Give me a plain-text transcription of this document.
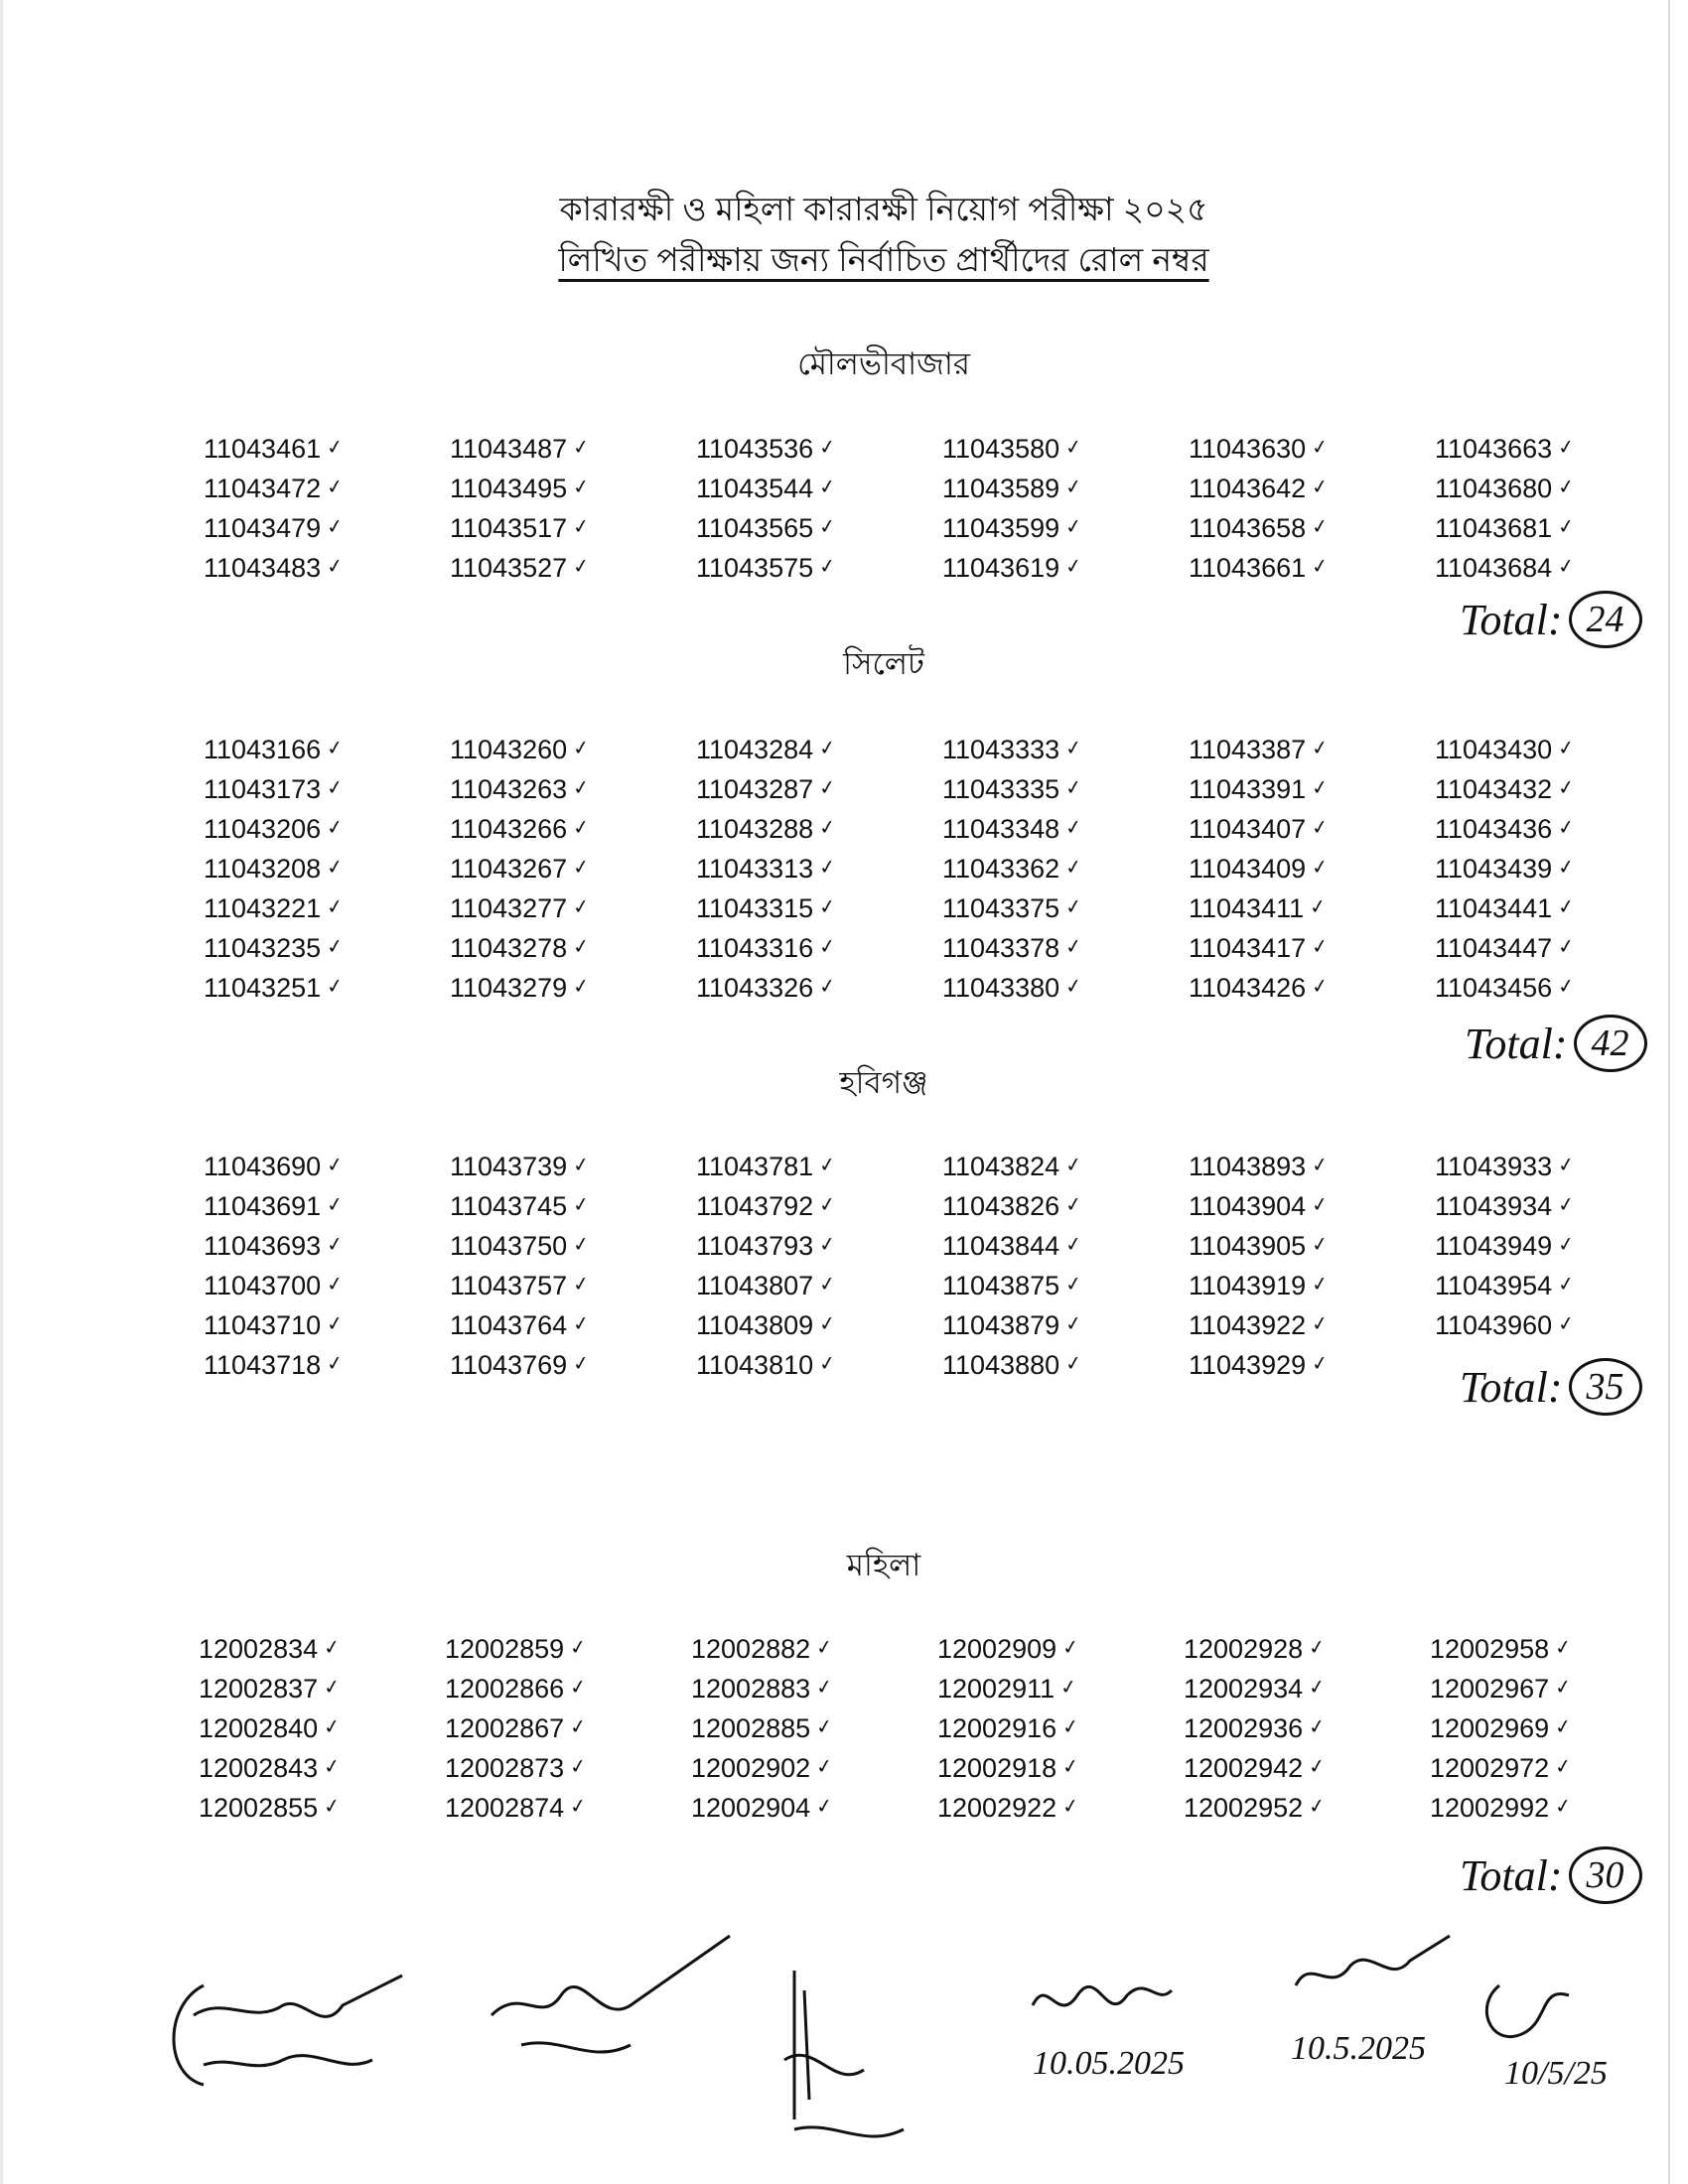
কারারক্ষী ও মহিলা কারারক্ষী নিয়োগ পরীক্ষা ২০২৫
লিখিত পরীক্ষায় জন্য নির্বাচিত প্রার্থীদের রোল নম্বর
মৌলভীবাজার
11043461 ✓
11043472 ✓
11043479 ✓
11043483 ✓
11043487 ✓
11043495 ✓
11043517 ✓
11043527 ✓
11043536 ✓
11043544 ✓
11043565 ✓
11043575 ✓
11043580 ✓
11043589 ✓
11043599 ✓
11043619 ✓
11043630 ✓
11043642 ✓
11043658 ✓
11043661 ✓
11043663 ✓
11043680 ✓
11043681 ✓
11043684 ✓
Total: 24
সিলেট
11043166 ✓
11043173 ✓
11043206 ✓
11043208 ✓
11043221 ✓
11043235 ✓
11043251 ✓
11043260 ✓
11043263 ✓
11043266 ✓
11043267 ✓
11043277 ✓
11043278 ✓
11043279 ✓
11043284 ✓
11043287 ✓
11043288 ✓
11043313 ✓
11043315 ✓
11043316 ✓
11043326 ✓
11043333 ✓
11043335 ✓
11043348 ✓
11043362 ✓
11043375 ✓
11043378 ✓
11043380 ✓
11043387 ✓
11043391 ✓
11043407 ✓
11043409 ✓
11043411 ✓
11043417 ✓
11043426 ✓
11043430 ✓
11043432 ✓
11043436 ✓
11043439 ✓
11043441 ✓
11043447 ✓
11043456 ✓
Total: 42
হবিগঞ্জ
11043690 ✓
11043691 ✓
11043693 ✓
11043700 ✓
11043710 ✓
11043718 ✓
11043739 ✓
11043745 ✓
11043750 ✓
11043757 ✓
11043764 ✓
11043769 ✓
11043781 ✓
11043792 ✓
11043793 ✓
11043807 ✓
11043809 ✓
11043810 ✓
11043824 ✓
11043826 ✓
11043844 ✓
11043875 ✓
11043879 ✓
11043880 ✓
11043893 ✓
11043904 ✓
11043905 ✓
11043919 ✓
11043922 ✓
11043929 ✓
11043933 ✓
11043934 ✓
11043949 ✓
11043954 ✓
11043960 ✓
Total: 35
মহিলা
12002834 ✓
12002837 ✓
12002840 ✓
12002843 ✓
12002855 ✓
12002859 ✓
12002866 ✓
12002867 ✓
12002873 ✓
12002874 ✓
12002882 ✓
12002883 ✓
12002885 ✓
12002902 ✓
12002904 ✓
12002909 ✓
12002911 ✓
12002916 ✓
12002918 ✓
12002922 ✓
12002928 ✓
12002934 ✓
12002936 ✓
12002942 ✓
12002952 ✓
12002958 ✓
12002967 ✓
12002969 ✓
12002972 ✓
12002992 ✓
Total: 30
10.05.2025	10.5.2025
10/5/25
